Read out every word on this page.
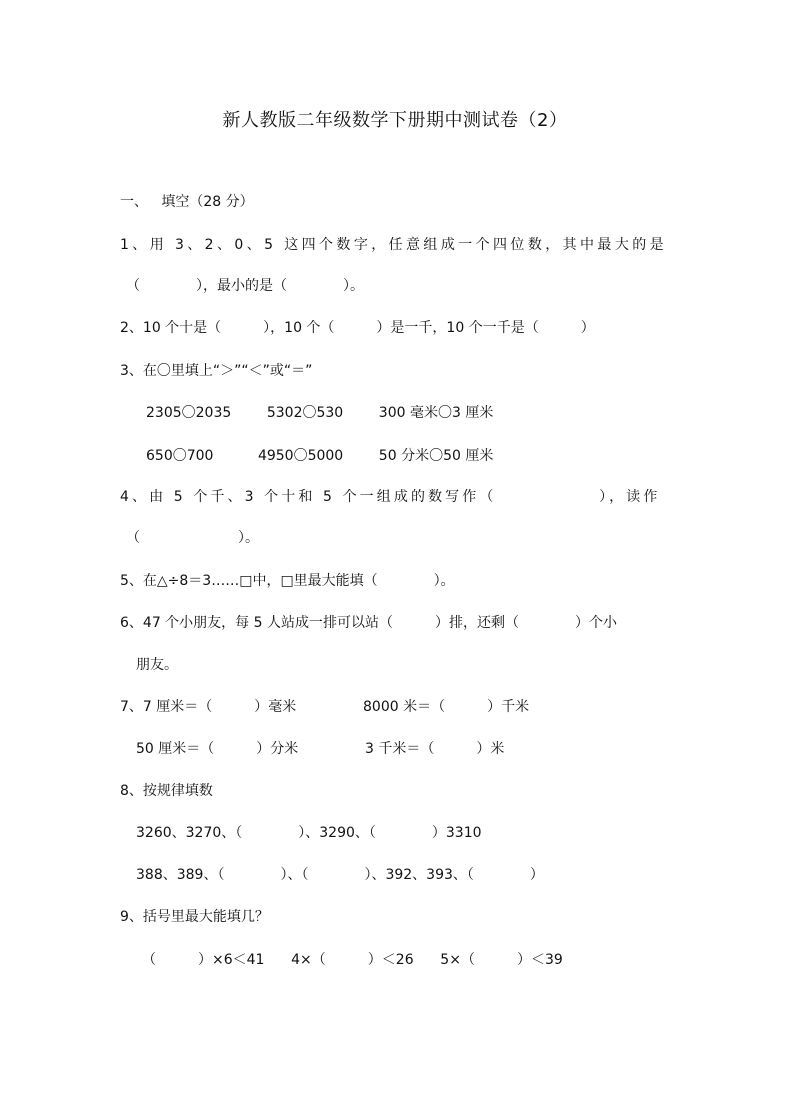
新人教版二年级数学下册期中测试卷（2）
一、   填空（28 分）
1、用 3、2、0、5 这四个数字，任意组成一个四位数，其中最大的是
（　　　　），最小的是（　　　　）。
2、10 个十是（　　　），10 个（　　　）是一千，10 个一千是（　　　）
3、在〇里填上“＞”“＜”或“＝”
2305〇2035        5302〇530        300 毫米〇3 厘米
650〇700          4950〇5000        50 分米〇50 厘米
4、由 5 个千、3 个十和 5 个一组成的数写作（　　　　　　），读作
（　　　　　　　）。
5、在△÷8＝3……□中，□里最大能填（　　　　）。
6、47 个小朋友，每 5 人站成一排可以站（　　　）排，还剩（　　　　）个小
朋友。
7、7 厘米＝（　　　）毫米               8000 米＝（　　　）千米
50 厘米＝（　　　）分米               3 千米＝（　　　）米
8、按规律填数
3260、3270、（　　　　）、3290、（　　　　）3310
388、389、（　　　　）、（　　　　）、392、393、（　　　　）
9、括号里最大能填几？
（　　　）×6＜41      4×（　　　）＜26      5×（　　　）＜39
